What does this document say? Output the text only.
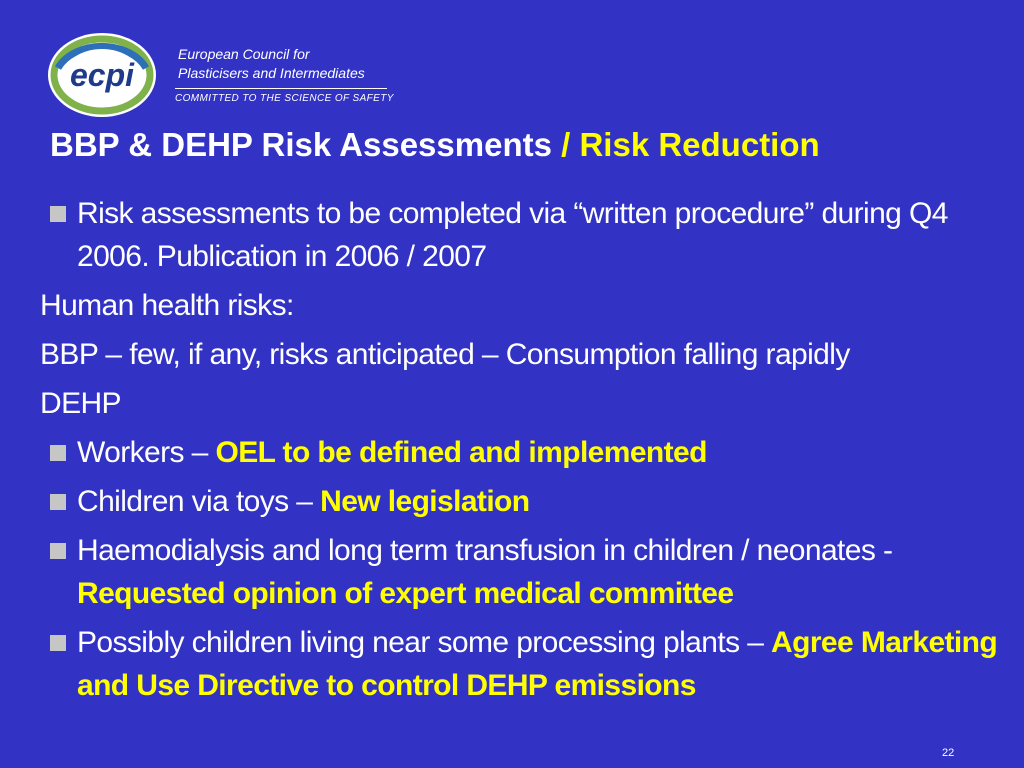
ecpi
European Council for
Plasticisers and Intermediates
COMMITTED TO THE SCIENCE OF SAFETY
BBP & DEHP Risk Assessments / Risk Reduction
Risk assessments to be completed via “written procedure” during Q4 2006. Publication in 2006 / 2007
Human health risks:
BBP – few, if any, risks anticipated – Consumption falling rapidly
DEHP
Workers – OEL to be defined and implemented
Children via toys – New legislation
Haemodialysis and long term transfusion in children / neonates - Requested opinion of expert medical committee
Possibly children living near some processing plants – Agree Marketing and Use Directive to control DEHP emissions
22
